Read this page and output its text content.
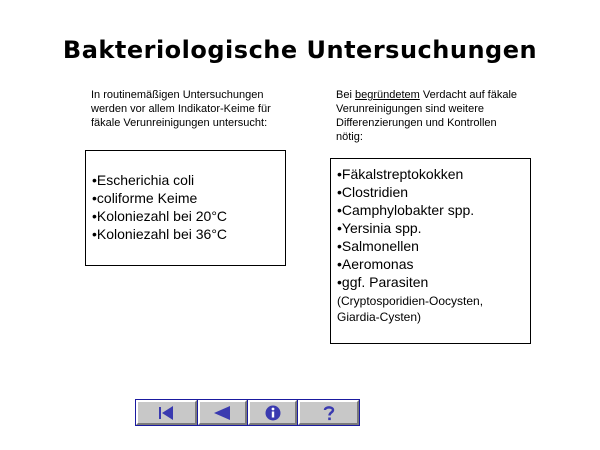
Bakteriologische Untersuchungen
In routinemäßigen Untersuchungen
werden vor allem Indikator-Keime für
fäkale Verunreinigungen untersucht:
Bei begründetem Verdacht auf fäkale
Verunreinigungen sind weitere
Differenzierungen und Kontrollen
nötig:
•Escherichia coli
•coliforme Keime
•Koloniezahl bei 20°C
•Koloniezahl bei 36°C
•Fäkalstreptokokken
•Clostridien
•Camphylobakter spp.
•Yersinia spp.
•Salmonellen
•Aeromonas
•ggf. Parasiten
(Cryptosporidien-Oocysten,
Giardia-Cysten)
